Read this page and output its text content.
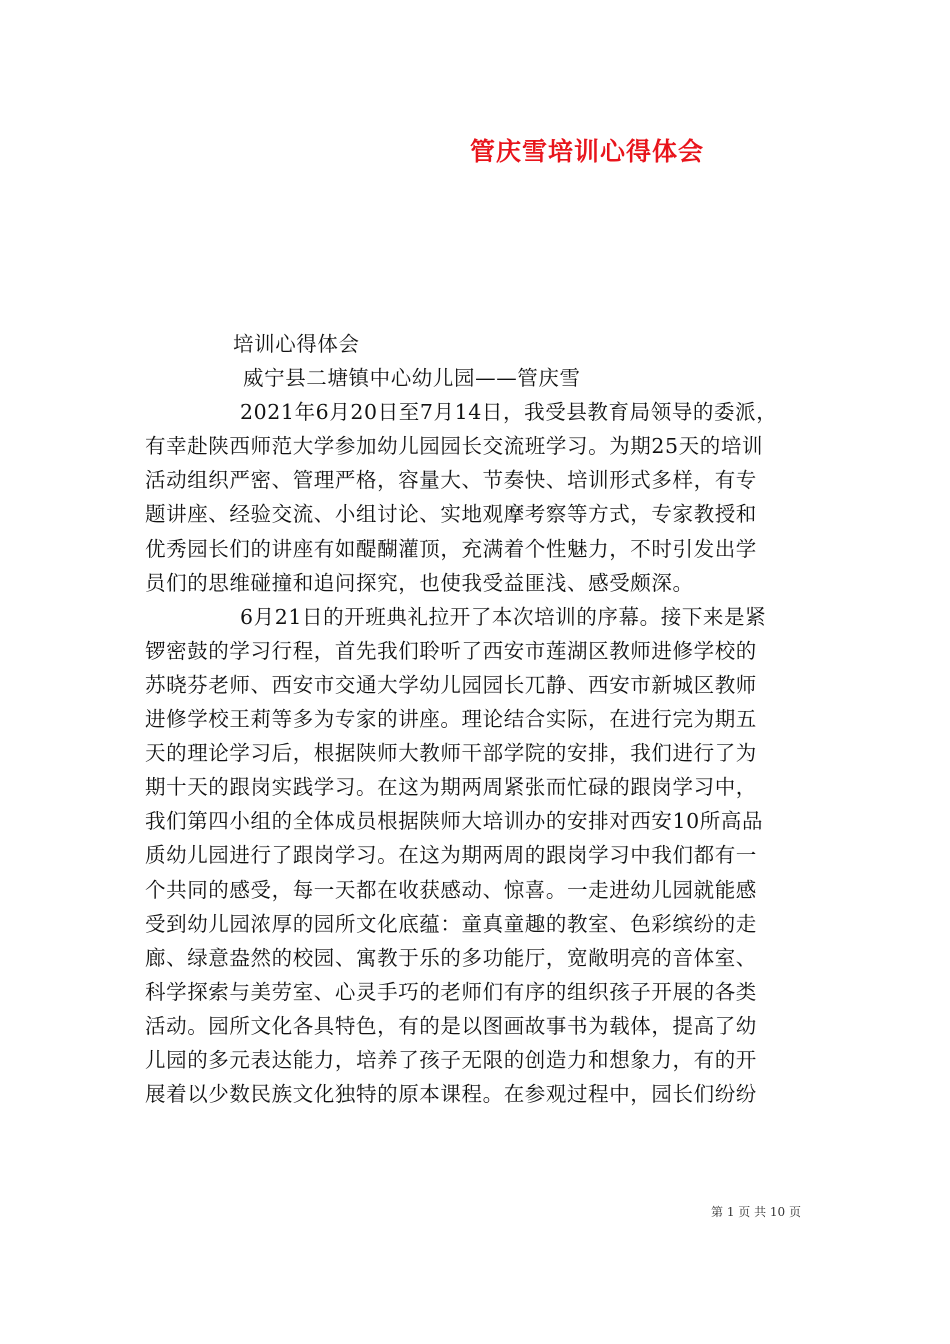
管庆雪培训心得体会
培训心得体会
威宁县二塘镇中心幼儿园——管庆雪
2021年6月20日至7月14日，我受县教育局领导的委派，
有幸赴陕西师范大学参加幼儿园园长交流班学习。为期25天的培训
活动组织严密、管理严格，容量大、节奏快、培训形式多样，有专
题讲座、经验交流、小组讨论、实地观摩考察等方式，专家教授和
优秀园长们的讲座有如醍醐灌顶，充满着个性魅力，不时引发出学
员们的思维碰撞和追问探究，也使我受益匪浅、感受颇深。
6月21日的开班典礼拉开了本次培训的序幕。接下来是紧
锣密鼓的学习行程，首先我们聆听了西安市莲湖区教师进修学校的
苏晓芬老师、西安市交通大学幼儿园园长兀静、西安市新城区教师
进修学校王莉等多为专家的讲座。理论结合实际，在进行完为期五
天的理论学习后，根据陕师大教师干部学院的安排，我们进行了为
期十天的跟岗实践学习。在这为期两周紧张而忙碌的跟岗学习中，
我们第四小组的全体成员根据陕师大培训办的安排对西安10所高品
质幼儿园进行了跟岗学习。在这为期两周的跟岗学习中我们都有一
个共同的感受，每一天都在收获感动、惊喜。一走进幼儿园就能感
受到幼儿园浓厚的园所文化底蕴：童真童趣的教室、色彩缤纷的走
廊、绿意盎然的校园、寓教于乐的多功能厅，宽敞明亮的音体室、
科学探索与美劳室、心灵手巧的老师们有序的组织孩子开展的各类
活动。园所文化各具特色，有的是以图画故事书为载体，提高了幼
儿园的多元表达能力，培养了孩子无限的创造力和想象力，有的开
展着以少数民族文化独特的原本课程。在参观过程中，园长们纷纷
第 1 页 共 10 页
